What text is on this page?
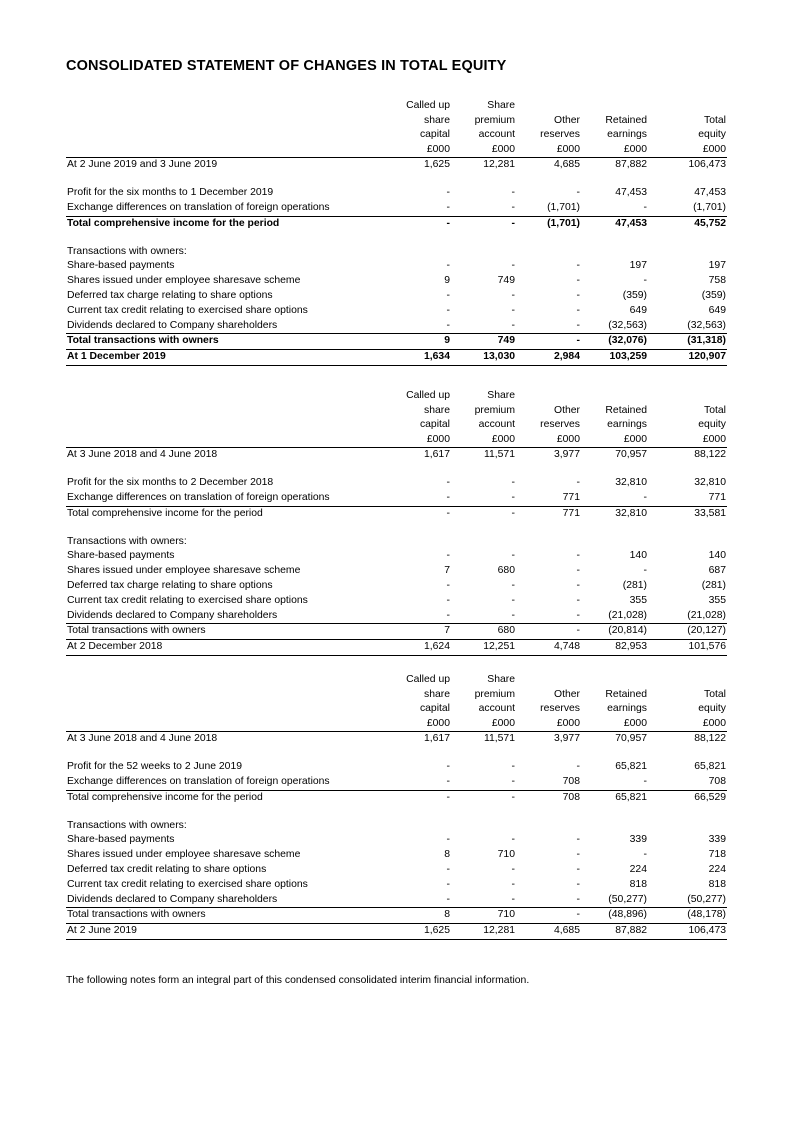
CONSOLIDATED STATEMENT OF CHANGES IN TOTAL EQUITY
	Called up	Share			
	share	premium	Other	Retained	Total
	capital	account	reserves	earnings	equity
	£000	£000	£000	£000	£000
At 2 June 2019 and 3 June 2019	1,625	12,281	4,685	87,882	106,473

Profit for the six months to 1 December 2019	-	-	-	47,453	47,453
Exchange differences on translation of foreign operations	-	-	(1,701)	-	(1,701)
Total comprehensive income for the period	-	-	(1,701)	47,453	45,752

Transactions with owners:					
Share-based payments	-	-	-	197	197
Shares issued under employee sharesave scheme	9	749	-	-	758
Deferred tax charge relating to share options	-	-	-	(359)	(359)
Current tax credit relating to exercised share options	-	-	-	649	649
Dividends declared to Company shareholders	-	-	-	(32,563)	(32,563)
Total transactions with owners	9	749	-	(32,076)	(31,318)
At 1 December 2019	1,634	13,030	2,984	103,259	120,907
	Called up	Share			
	share	premium	Other	Retained	Total
	capital	account	reserves	earnings	equity
	£000	£000	£000	£000	£000
At 3 June 2018 and 4 June 2018	1,617	11,571	3,977	70,957	88,122

Profit for the six months to 2 December 2018	-	-	-	32,810	32,810
Exchange differences on translation of foreign operations	-	-	771	-	771
Total comprehensive income for the period	-	-	771	32,810	33,581

Transactions with owners:					
Share-based payments	-	-	-	140	140
Shares issued under employee sharesave scheme	7	680	-	-	687
Deferred tax charge relating to share options	-	-	-	(281)	(281)
Current tax credit relating to exercised share options	-	-	-	355	355
Dividends declared to Company shareholders	-	-	-	(21,028)	(21,028)
Total transactions with owners	7	680	-	(20,814)	(20,127)
At 2 December 2018	1,624	12,251	4,748	82,953	101,576
	Called up	Share			
	share	premium	Other	Retained	Total
	capital	account	reserves	earnings	equity
	£000	£000	£000	£000	£000
At 3 June 2018 and 4 June 2018	1,617	11,571	3,977	70,957	88,122

Profit for the 52 weeks to 2 June 2019	-	-	-	65,821	65,821
Exchange differences on translation of foreign operations	-	-	708	-	708
Total comprehensive income for the period	-	-	708	65,821	66,529

Transactions with owners:					
Share-based payments	-	-	-	339	339
Shares issued under employee sharesave scheme	8	710	-	-	718
Deferred tax credit relating to share options	-	-	-	224	224
Current tax credit relating to exercised share options	-	-	-	818	818
Dividends declared to Company shareholders	-	-	-	(50,277)	(50,277)
Total transactions with owners	8	710	-	(48,896)	(48,178)
At 2 June 2019	1,625	12,281	4,685	87,882	106,473
The following notes form an integral part of this condensed consolidated interim financial information.
